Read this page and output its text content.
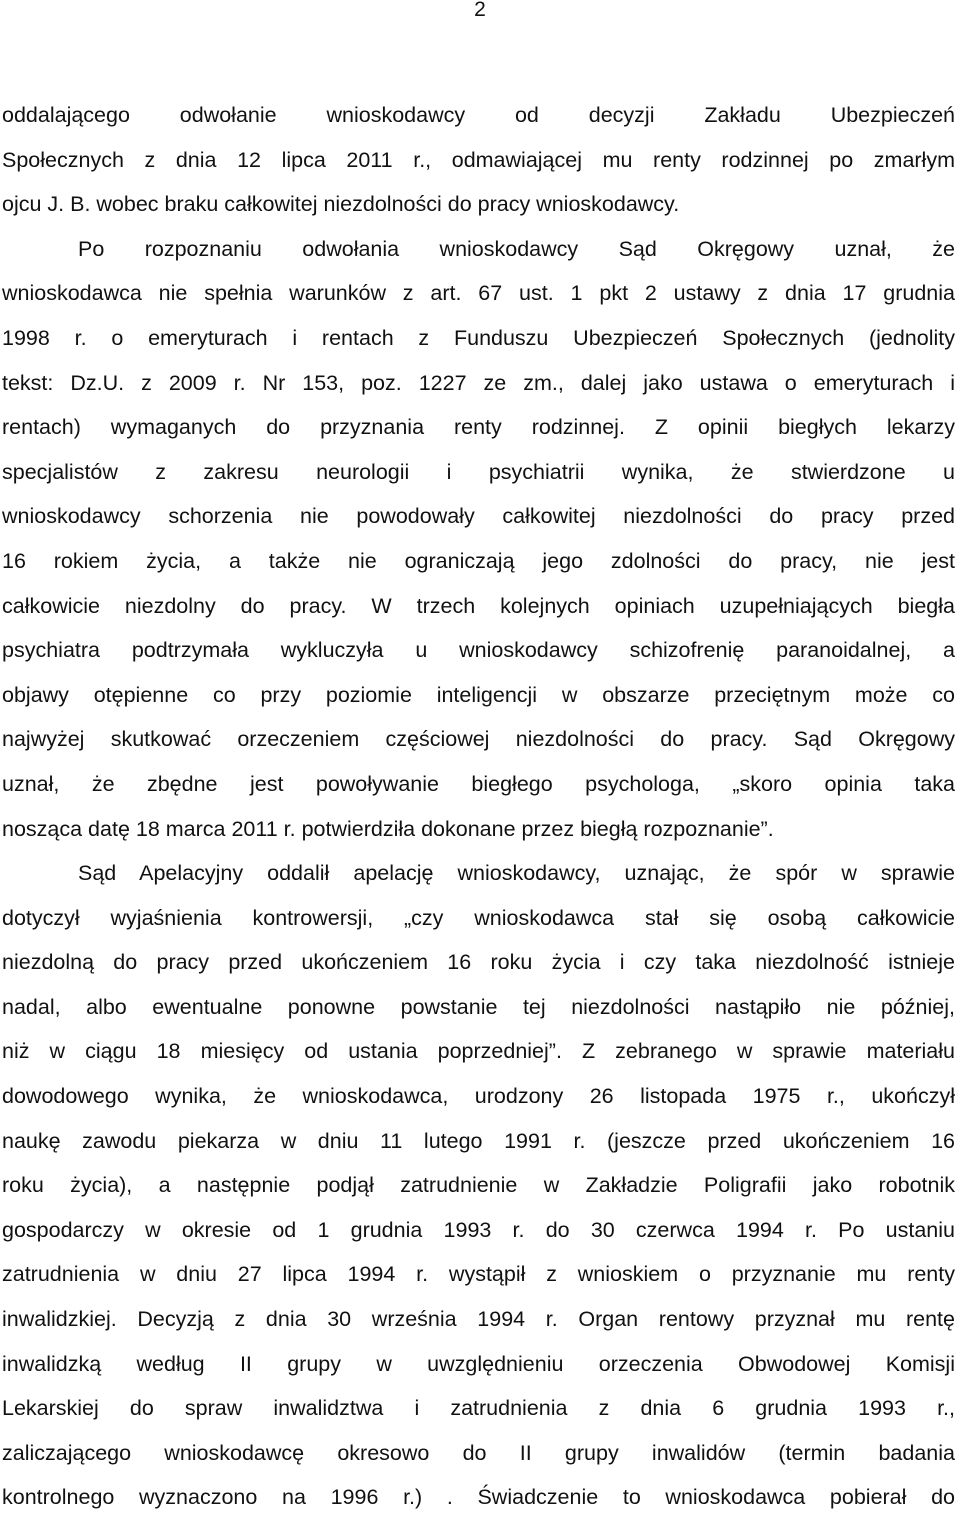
2

oddalającego odwołanie wnioskodawcy od decyzji Zakładu Ubezpieczeń
Społecznych z dnia 12 lipca 2011 r., odmawiającej mu renty rodzinnej po zmarłym
ojcu J. B. wobec braku całkowitej niezdolności do pracy wnioskodawcy.

Po rozpoznaniu odwołania wnioskodawcy Sąd Okręgowy uznał, że
wnioskodawca nie spełnia warunków z art. 67 ust. 1 pkt 2 ustawy z dnia 17 grudnia
1998 r. o emeryturach i rentach z Funduszu Ubezpieczeń Społecznych (jednolity
tekst: Dz.U. z 2009 r. Nr 153, poz. 1227 ze zm., dalej jako ustawa o emeryturach i
rentach) wymaganych do przyznania renty rodzinnej. Z opinii biegłych lekarzy
specjalistów z zakresu neurologii i psychiatrii wynika, że stwierdzone u
wnioskodawcy schorzenia nie powodowały całkowitej niezdolności do pracy przed
16 rokiem życia, a także nie ograniczają jego zdolności do pracy, nie jest
całkowicie niezdolny do pracy. W trzech kolejnych opiniach uzupełniających biegła
psychiatra podtrzymała wykluczyła u wnioskodawcy schizofrenię paranoidalnej, a
objawy otępienne co przy poziomie inteligencji w obszarze przeciętnym może co
najwyżej skutkować orzeczeniem częściowej niezdolności do pracy. Sąd Okręgowy
uznał, że zbędne jest powoływanie biegłego psychologa, „skoro opinia taka
nosząca datę 18 marca 2011 r. potwierdziła dokonane przez biegłą rozpoznanie”.

Sąd Apelacyjny oddalił apelację wnioskodawcy, uznając, że spór w sprawie
dotyczył wyjaśnienia kontrowersji, „czy wnioskodawca stał się osobą całkowicie
niezdolną do pracy przed ukończeniem 16 roku życia i czy taka niezdolność istnieje
nadal, albo ewentualne ponowne powstanie tej niezdolności nastąpiło nie później,
niż w ciągu 18 miesięcy od ustania poprzedniej”. Z zebranego w sprawie materiału
dowodowego wynika, że wnioskodawca, urodzony 26 listopada 1975 r., ukończył
naukę zawodu piekarza w dniu 11 lutego 1991 r. (jeszcze przed ukończeniem 16
roku życia), a następnie podjął zatrudnienie w Zakładzie Poligrafii jako robotnik
gospodarczy w okresie od 1 grudnia 1993 r. do 30 czerwca 1994 r. Po ustaniu
zatrudnienia w dniu 27 lipca 1994 r. wystąpił z wnioskiem o przyznanie mu renty
inwalidzkiej. Decyzją z dnia 30 września 1994 r. Organ rentowy przyznał mu rentę
inwalidzką według II grupy w uwzględnieniu orzeczenia Obwodowej Komisji
Lekarskiej do spraw inwalidztwa i zatrudnienia z dnia 6 grudnia 1993 r.,
zaliczającego wnioskodawcę okresowo do II grupy inwalidów (termin badania
kontrolnego wyznaczono na 1996 r.) . Świadczenie to wnioskodawca pobierał do
